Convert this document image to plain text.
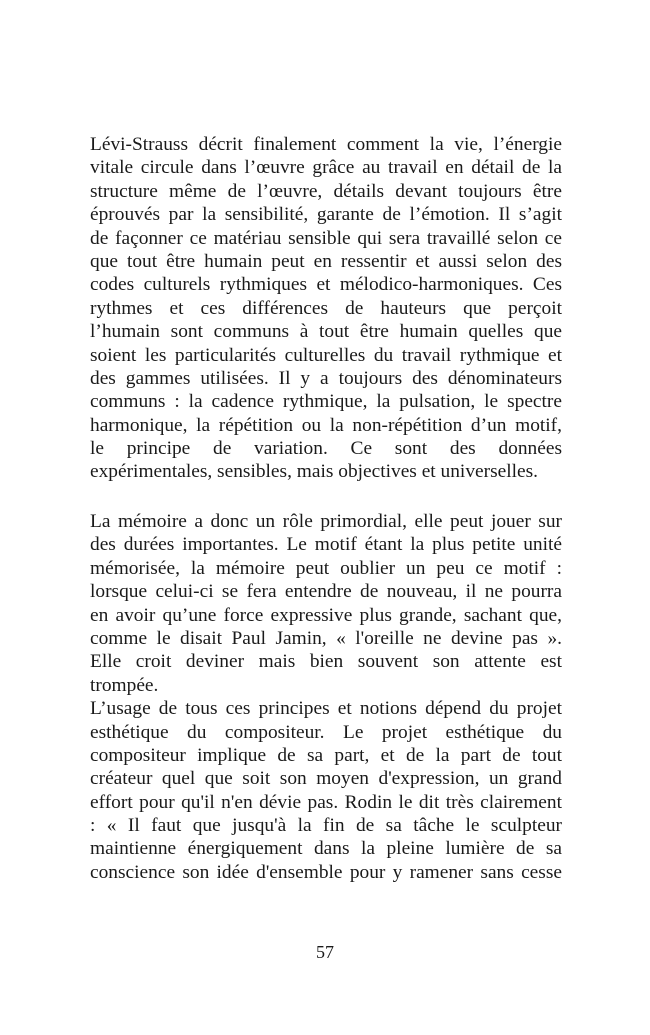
Lévi-Strauss décrit finalement comment la vie, l’énergie
vitale circule dans l’œuvre grâce au travail en détail de la
structure même de l’œuvre, détails devant toujours être
éprouvés par la sensibilité, garante de l’émotion. Il s’agit
de façonner ce matériau sensible qui sera travaillé selon ce
que tout être humain peut en ressentir et aussi selon des
codes culturels rythmiques et mélodico-harmoniques. Ces
rythmes et ces différences de hauteurs que perçoit
l’humain sont communs à tout être humain quelles que
soient les particularités culturelles du travail rythmique et
des gammes utilisées. Il y a toujours des dénominateurs
communs : la cadence rythmique, la pulsation, le spectre
harmonique, la répétition ou la non-répétition d’un motif,
le principe de variation. Ce sont des données
expérimentales, sensibles, mais objectives et universelles.
La mémoire a donc un rôle primordial, elle peut jouer sur
des durées importantes. Le motif étant la plus petite unité
mémorisée, la mémoire peut oublier un peu ce motif :
lorsque celui-ci se fera entendre de nouveau, il ne pourra
en avoir qu’une force expressive plus grande, sachant que,
comme le disait Paul Jamin, « l'oreille ne devine pas ».
Elle croit deviner mais bien souvent son attente est
trompée.
L’usage de tous ces principes et notions dépend du projet
esthétique du compositeur. Le projet esthétique du
compositeur implique de sa part, et de la part de tout
créateur quel que soit son moyen d'expression, un grand
effort pour qu'il n'en dévie pas. Rodin le dit très clairement
: « Il faut que jusqu'à la fin de sa tâche le sculpteur
maintienne énergiquement dans la pleine lumière de sa
conscience son idée d'ensemble pour y ramener sans cesse
57
